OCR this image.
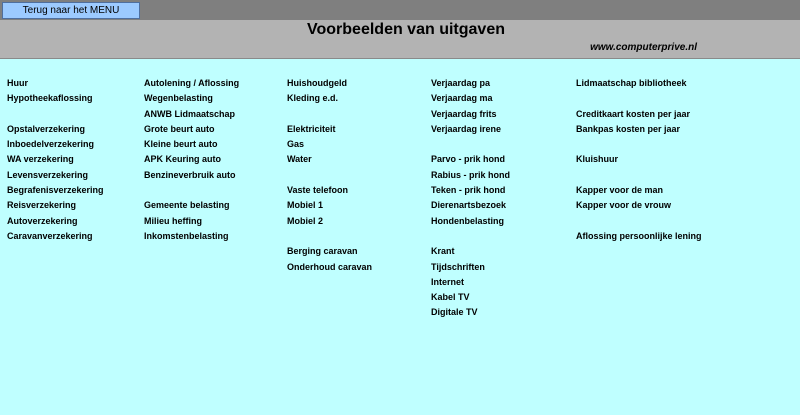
Terug naar het MENU
Voorbeelden van uitgaven
www.computerprive.nl
Huur
Hypotheekaflossing
Opstalverzekering
Inboedelverzekering
WA verzekering
Levensverzekering
Begrafenisverzekering
Reisverzekering
Autoverzekering
Caravanverzekering
Autolening / Aflossing
Wegenbelasting
ANWB Lidmaatschap
Grote beurt auto
Kleine beurt auto
APK Keuring auto
Benzineverbruik auto
Gemeente belasting
Milieu heffing
Inkomstenbelasting
Huishoudgeld
Kleding e.d.
Elektriciteit
Gas
Water
Vaste telefoon
Mobiel 1
Mobiel 2
Berging caravan
Onderhoud caravan
Verjaardag pa
Verjaardag ma
Verjaardag frits
Verjaardag irene
Parvo - prik hond
Rabius - prik hond
Teken - prik hond
Dierenartsbezoek
Hondenbelasting
Krant
Tijdschriften
Internet
Kabel TV
Digitale TV
Lidmaatschap bibliotheek
Creditkaart kosten per jaar
Bankpas kosten per jaar
Kluishuur
Kapper voor de man
Kapper voor de vrouw
Aflossing persoonlijke lening
